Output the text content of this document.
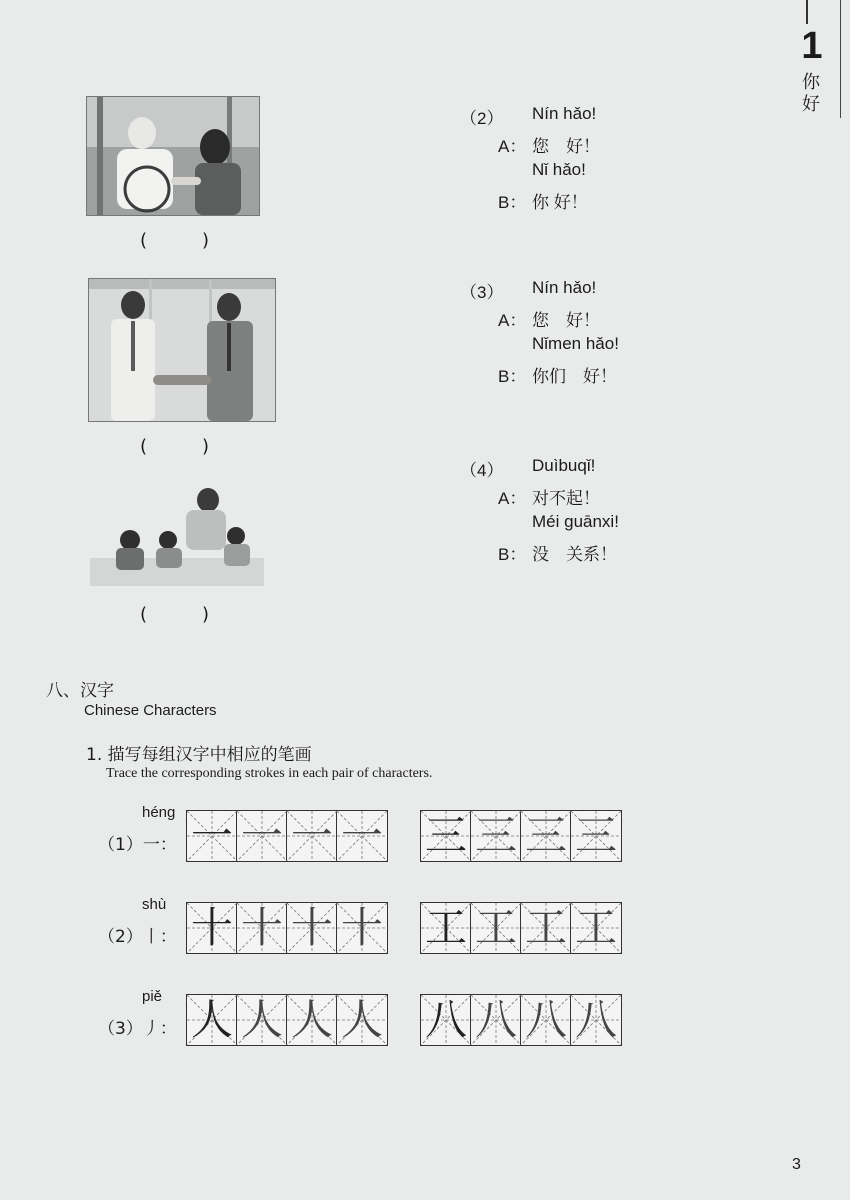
1
你好
(	)
(	)
(	)
（2） Nín hǎo!
A： 您　好！
Nǐ hǎo!
B： 你 好！
（3） Nín hǎo!
A： 您　好！
Nǐmen hǎo!
B： 你们　好！
（4） Duìbuqǐ!
A： 对不起！
Méi guānxi!
B： 没　关系！
八、汉字
Chinese Characters
1. 描写每组汉字中相应的笔画
Trace the corresponding strokes in each pair of characters.
héng
（1）一： 一 一 一 一 三 三 三 三
shù
（2）丨： 十 十 十 十 工 工 工 工
piě
（3）丿： 人 人 人 人 八 八 八 八
3
